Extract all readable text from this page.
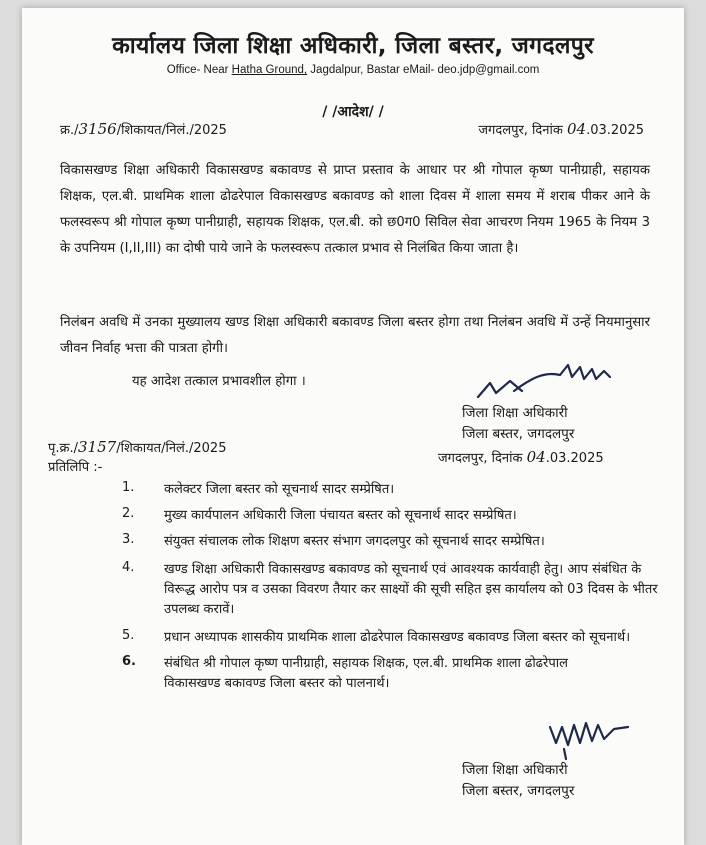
कार्यालय जिला शिक्षा अधिकारी, जिला बस्तर, जगदलपुर
Office- Near Hatha Ground, Jagdalpur, Bastar eMail- deo.jdp@gmail.com
/ /आदेश/ /
क्र./3156/शिकायत/निलं./2025	जगदलपुर, दिनांक 04.03.2025
विकासखण्ड शिक्षा अधिकारी विकासखण्ड बकावण्ड से प्राप्त प्रस्ताव के आधार पर श्री गोपाल कृष्ण पानीग्राही, सहायक शिक्षक, एल.बी. प्राथमिक शाला ढोढरेपाल विकासखण्ड बकावण्ड को शाला दिवस में शाला समय में शराब पीकर आने के फलस्वरूप श्री गोपाल कृष्ण पानीग्राही, सहायक शिक्षक, एल.बी. को छ0ग0 सिविल सेवा आचरण नियम 1965 के नियम 3 के उपनियम (I,II,III) का दोषी पाये जाने के फलस्वरूप तत्काल प्रभाव से निलंबित किया जाता है।
निलंबन अवधि में उनका मुख्यालय खण्ड शिक्षा अधिकारी बकावण्ड जिला बस्तर होगा तथा निलंबन अवधि में उन्हें नियमानुसार जीवन निर्वाह भत्ता की पात्रता होगी।
यह आदेश तत्काल प्रभावशील होगा ।
जिला शिक्षा अधिकारी
जिला बस्तर, जगदलपुर
पृ.क्र./3157/शिकायत/निलं./2025
जगदलपुर, दिनांक 04.03.2025
प्रतिलिपि :-
1.	कलेक्टर जिला बस्तर को सूचनार्थ सादर सम्प्रेषित।
2.	मुख्य कार्यपालन अधिकारी जिला पंचायत बस्तर को सूचनार्थ सादर सम्प्रेषित।
3.	संयुक्त संचालक लोक शिक्षण बस्तर संभाग जगदलपुर को सूचनार्थ सादर सम्प्रेषित।
4.	खण्ड शिक्षा अधिकारी विकासखण्ड बकावण्ड को सूचनार्थ एवं आवश्यक कार्यवाही हेतु। आप संबंधित के विरूद्ध आरोप पत्र व उसका विवरण तैयार कर साक्ष्यों की सूची सहित इस कार्यालय को 03 दिवस के भीतर उपलब्ध करावें।
5.	प्रधान अध्यापक शासकीय प्राथमिक शाला ढोढरेपाल विकासखण्ड बकावण्ड जिला बस्तर को सूचनार्थ।
6.	संबंधित श्री गोपाल कृष्ण पानीग्राही, सहायक शिक्षक, एल.बी. प्राथमिक शाला ढोढरेपाल विकासखण्ड बकावण्ड जिला बस्तर को पालनार्थ।
जिला शिक्षा अधिकारी
जिला बस्तर, जगदलपुर
